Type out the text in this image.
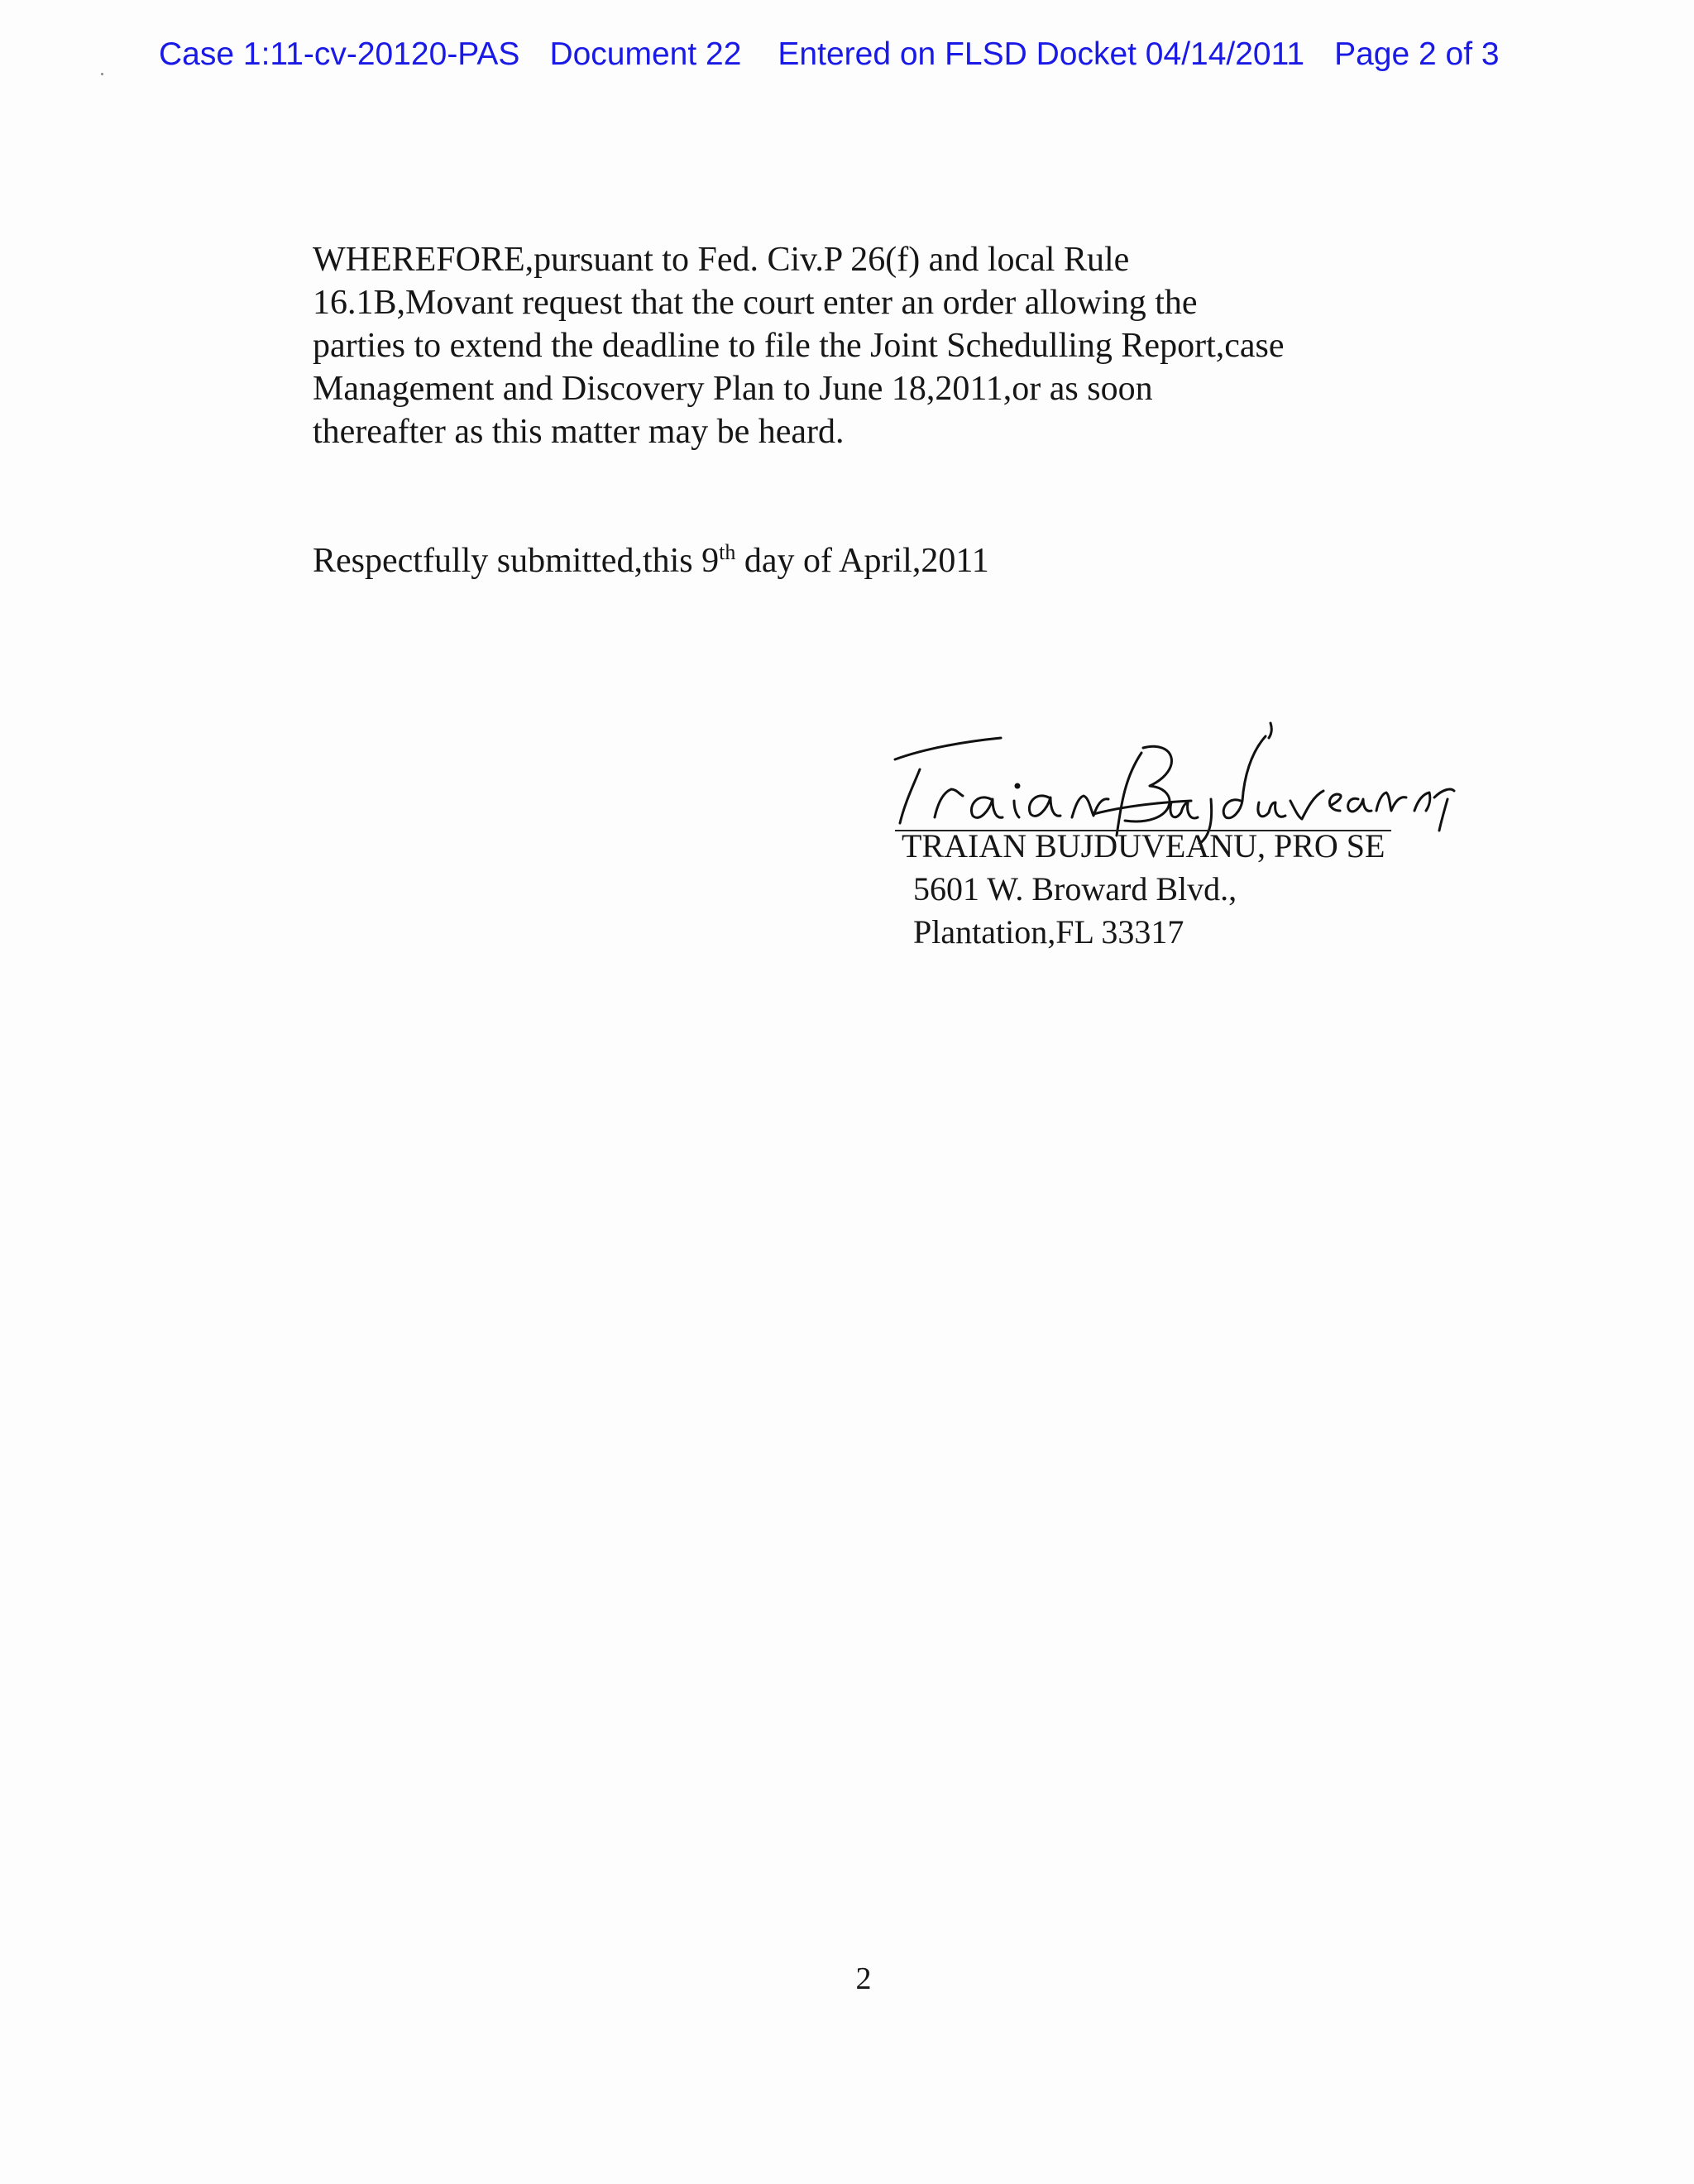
Case 1:11-cv-20120-PAS Document 22 Entered on FLSD Docket 04/14/2011 Page 2 of 3

WHEREFORE,pursuant to Fed. Civ.P 26(f) and local Rule
16.1B,Movant request that the court enter an order allowing the
parties to extend the deadline to file the Joint Schedulling Report,case
Management and Discovery Plan to June 18,2011,or as soon
thereafter as this matter may be heard.

Respectfully submitted,this 9th day of April,2011
TRAIAN BUJDUVEANU, PRO SE
5601 W. Broward Blvd.,
Plantation,FL 33317
2
